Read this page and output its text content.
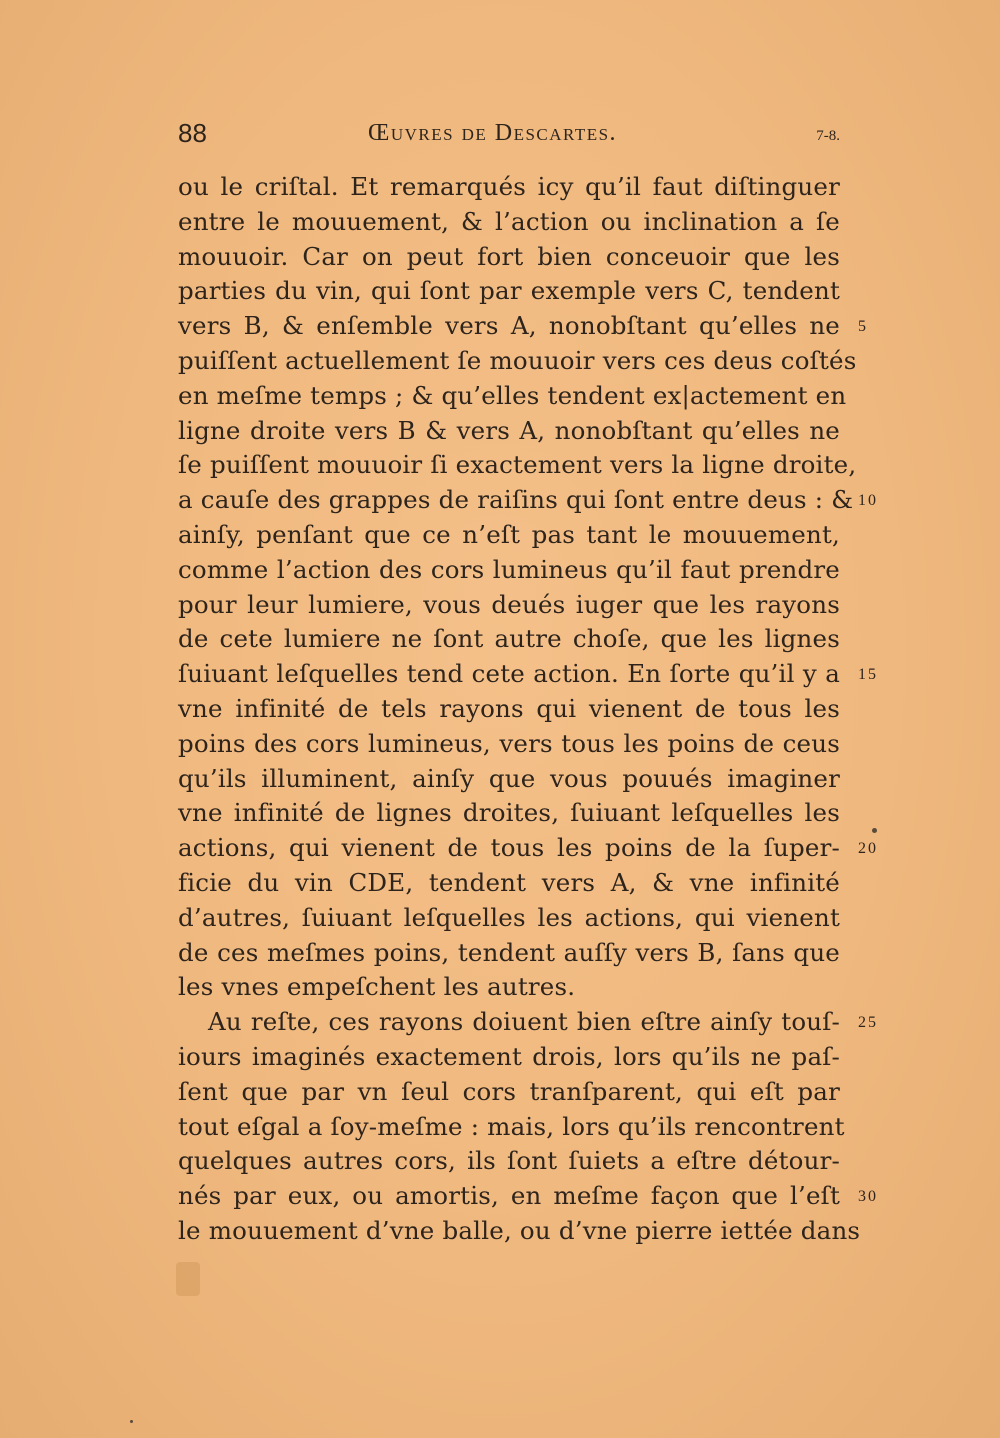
88	Œuvres de Descartes.	7-8.
ou le criſtal. Et remarqués icy qu’il faut diſtinguer
entre le mouuement, & l’action ou inclination a ſe
mouuoir. Car on peut fort bien conceuoir que les
parties du vin, qui ſont par exemple vers C, tendent
vers B, & enſemble vers A, nonobſtant qu’elles ne
puiſſent actuellement ſe mouuoir vers ces deus coſtés
en meſme temps ; & qu’elles tendent ex|actement en
ligne droite vers B & vers A, nonobſtant qu’elles ne
ſe puiſſent mouuoir ſi exactement vers la ligne droite,
a cauſe des grappes de raiſins qui ſont entre deus : &
ainſy, penſant que ce n’eſt pas tant le mouuement,
comme l’action des cors lumineus qu’il faut prendre
pour leur lumiere, vous deués iuger que les rayons
de cete lumiere ne ſont autre choſe, que les lignes
ſuiuant leſquelles tend cete action. En ſorte qu’il y a
vne infinité de tels rayons qui vienent de tous les
poins des cors lumineus, vers tous les poins de ceus
qu’ils illuminent, ainſy que vous pouués imaginer
vne infinité de lignes droites, ſuiuant leſquelles les
actions, qui vienent de tous les poins de la ſuper-
ficie du vin CDE, tendent vers A, & vne infinité
d’autres, ſuiuant leſquelles les actions, qui vienent
de ces meſmes poins, tendent auſſy vers B, ſans que
les vnes empeſchent les autres.
Au reſte, ces rayons doiuent bien eſtre ainſy touſ-
iours imaginés exactement drois, lors qu’ils ne paſ-
ſent que par vn ſeul cors tranſparent, qui eſt par
tout eſgal a ſoy-meſme : mais, lors qu’ils rencontrent
quelques autres cors, ils ſont ſuiets a eſtre détour-
nés par eux, ou amortis, en meſme façon que l’eſt
le mouuement d’vne balle, ou d’vne pierre iettée dans
5
10
15
20
25
30
